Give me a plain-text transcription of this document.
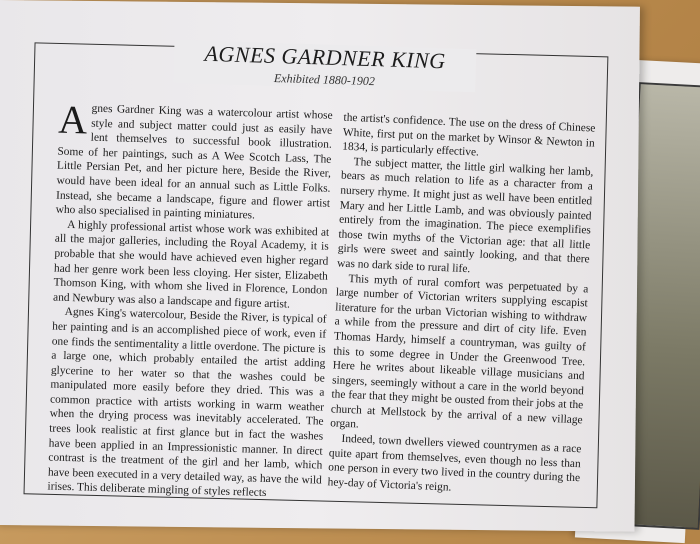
AGNES GARDNER KING
Exhibited 1880-1902

Agnes Gardner King was a watercolour artist whose style and subject matter could just as easily have lent themselves to successful book illustration. Some of her paintings, such as A Wee Scotch Lass, The Little Persian Pet, and her picture here, Beside the River, would have been ideal for an annual such as Little Folks. Instead, she became a landscape, figure and flower artist who also specialised in painting miniatures.

A highly professional artist whose work was exhibited at all the major galleries, including the Royal Academy, it is probable that she would have achieved even higher regard had her genre work been less cloying. Her sister, Elizabeth Thomson King, with whom she lived in Florence, London and Newbury was also a landscape and figure artist.

Agnes King's watercolour, Beside the River, is typical of her painting and is an accomplished piece of work, even if one finds the sentimentality a little overdone. The picture is a large one, which probably entailed the artist adding glycerine to her water so that the washes could be manipulated more easily before they dried. This was a common practice with artists working in warm weather when the drying process was inevitably accelerated. The trees look realistic at first glance but in fact the washes have been applied in an Impressionistic manner. In direct contrast is the treatment of the girl and her lamb, which have been executed in a very detailed way, as have the wild irises. This deliberate mingling of styles reflects

the artist's confidence. The use on the dress of Chinese White, first put on the market by Winsor & Newton in 1834, is particularly effective.

The subject matter, the little girl walking her lamb, bears as much relation to life as a character from a nursery rhyme. It might just as well have been entitled Mary and her Little Lamb, and was obviously painted entirely from the imagination. The piece exemplifies those twin myths of the Victorian age: that all little girls were sweet and saintly looking, and that there was no dark side to rural life.

This myth of rural comfort was perpetuated by a large number of Victorian writers supplying escapist literature for the urban Victorian wishing to withdraw a while from the pressure and dirt of city life. Even Thomas Hardy, himself a countryman, was guilty of this to some degree in Under the Greenwood Tree. Here he writes about likeable village musicians and singers, seemingly without a care in the world beyond the fear that they might be ousted from their jobs at the church at Mellstock by the arrival of a new village organ.

Indeed, town dwellers viewed countrymen as a race quite apart from themselves, even though no less than one person in every two lived in the country during the hey-day of Victoria's reign.
